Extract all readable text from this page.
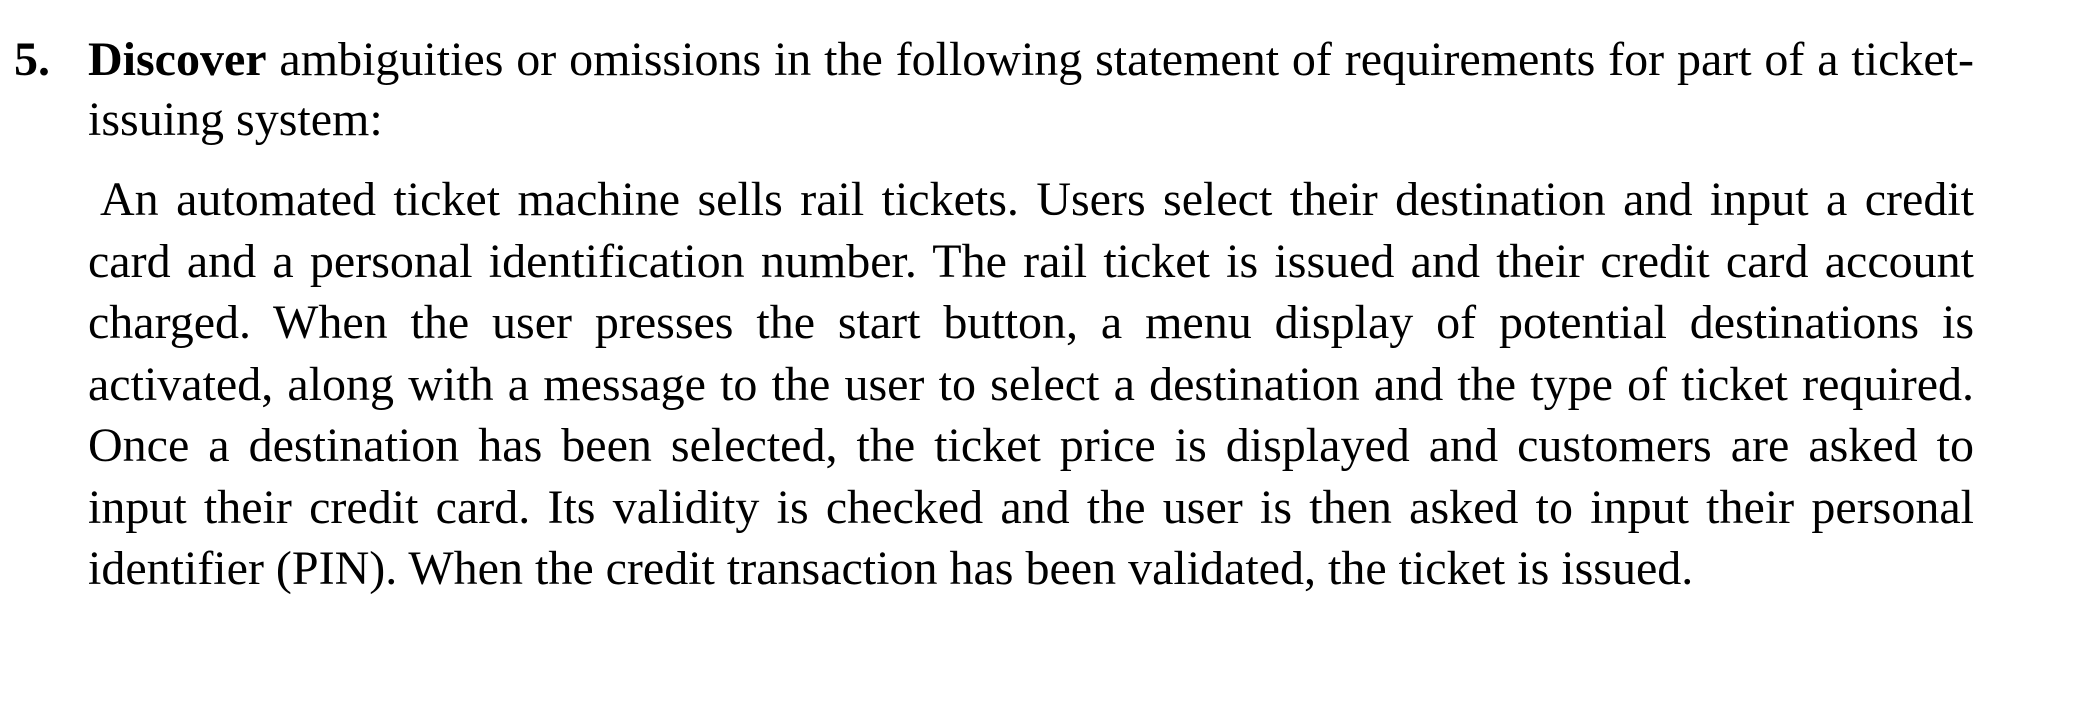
5. Discover ambiguities or omissions in the following statement of requirements for part of a ticket-issuing system:

An automated ticket machine sells rail tickets. Users select their destination and input a credit card and a personal identification number. The rail ticket is issued and their credit card account charged. When the user presses the start button, a menu display of potential destinations is activated, along with a message to the user to select a destination and the type of ticket required. Once a destination has been selected, the ticket price is displayed and customers are asked to input their credit card. Its validity is checked and the user is then asked to input their personal identifier (PIN). When the credit transaction has been validated, the ticket is issued.
